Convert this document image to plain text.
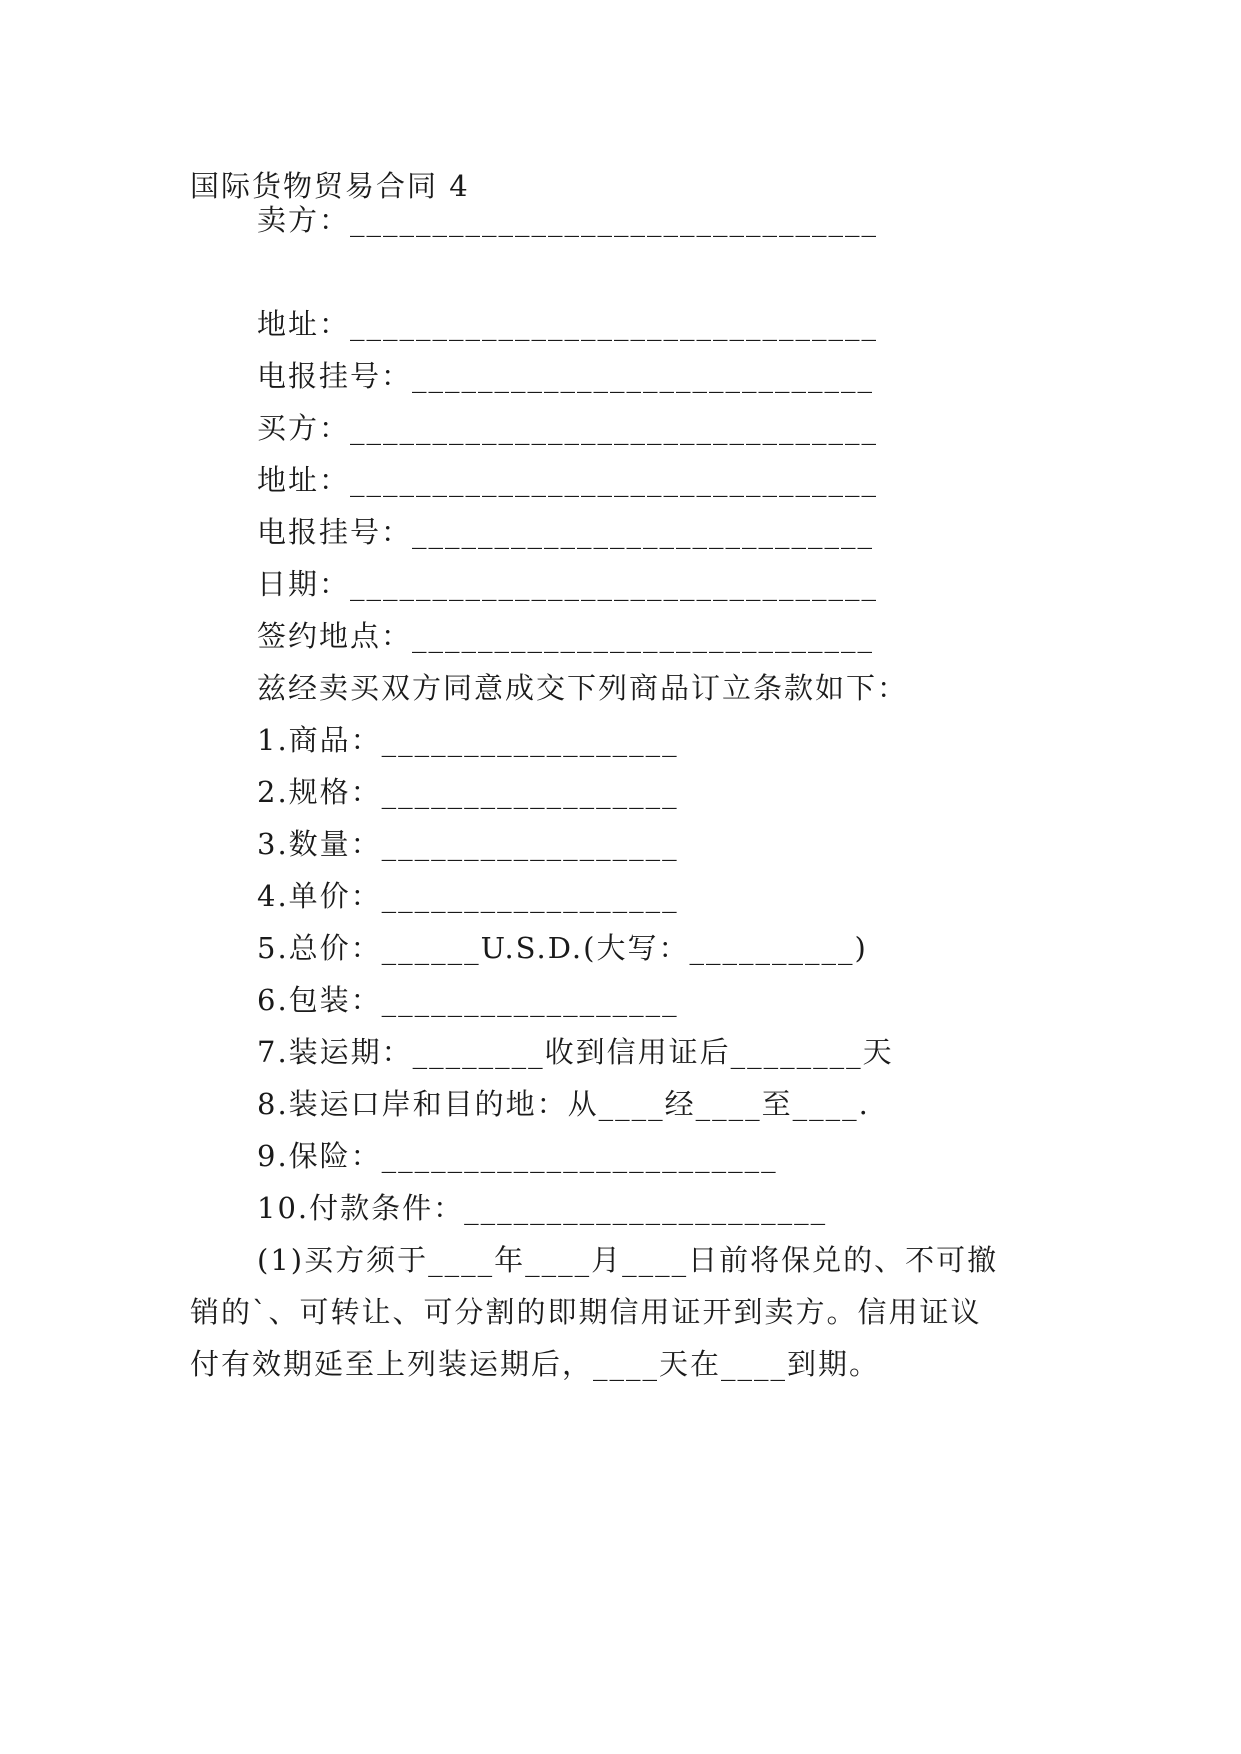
国际货物贸易合同 4
卖方：________________________________
地址：________________________________
电报挂号：____________________________
买方：________________________________
地址：________________________________
电报挂号：____________________________
日期：________________________________
签约地点：____________________________
兹经卖买双方同意成交下列商品订立条款如下：
1.商品：__________________
2.规格：__________________
3.数量：__________________
4.单价：__________________
5.总价：______U.S.D.(大写：__________)
6.包装：__________________
7.装运期：________收到信用证后________天
8.装运口岸和目的地：从____经____至____.
9.保险：________________________
10.付款条件：______________________
(1)买方须于____年____月____日前将保兑的、不可撤
销的`、可转让、可分割的即期信用证开到卖方。信用证议
付有效期延至上列装运期后，____天在____到期。
